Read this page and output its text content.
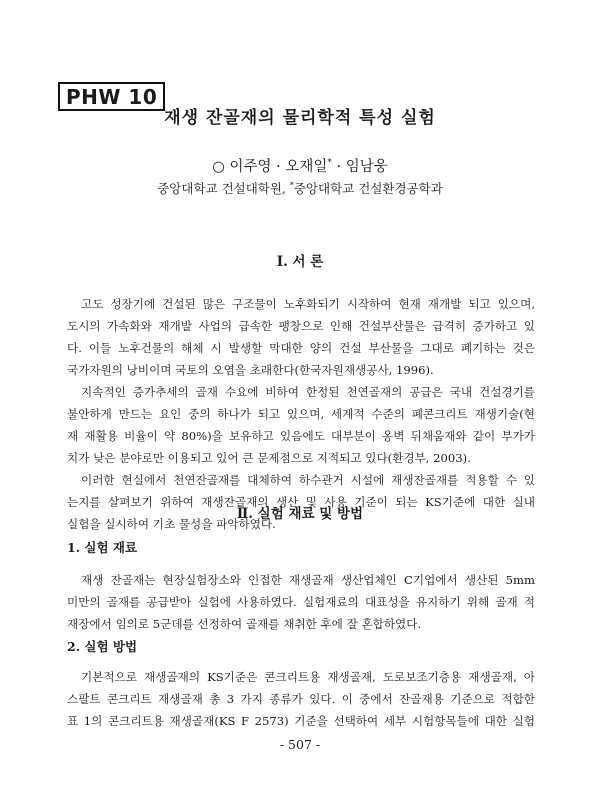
PHW 10
재생 잔골재의 물리학적 특성 실험
○ 이주영 · 오재일* · 임남웅
중앙대학교 건설대학원, *중앙대학교 건설환경공학과
Ⅰ. 서 론
고도 성장기에 건설된 많은 구조물이 노후화되기 시작하여 현재 재개발 되고 있으며,
도시의 가속화와 재개발 사업의 급속한 팽창으로 인해 건설부산물은 급격히 증가하고 있
다. 이들 노후건물의 해체 시 발생할 막대한 양의 건설 부산물을 그대로 폐기하는 것은
국가자원의 낭비이며 국토의 오염을 초래한다(한국자원재생공사, 1996).
지속적인 증가추세의 골재 수요에 비하여 한정된 천연골재의 공급은 국내 건설경기를
불안하게 만드는 요인 중의 하나가 되고 있으며, 세계적 수준의 폐콘크리트 재생기술(현
재 재활용 비율이 약 80%)을 보유하고 있음에도 대부분이 옹벽 뒤채움재와 같이 부가가
치가 낮은 분야로만 이용되고 있어 큰 문제점으로 지적되고 있다(환경부, 2003).
이러한 현실에서 천연잔골재를 대체하여 하수관거 시설에 재생잔골재를 적용할 수 있
는지를 살펴보기 위하여 재생잔골재의 생산 및 사용 기준이 되는 KS기준에 대한 실내
실험을 실시하여 기초 물성을 파악하였다.
Ⅱ. 실험 재료 및 방법
1. 실험 재료
재생 잔골재는 현장실험장소와 인접한 재생골재 생산업체인 C기업에서 생산된 5mm
미만의 골재를 공급받아 실험에 사용하였다. 실험재료의 대표성을 유지하기 위해 골재 적
재장에서 임의로 5군데를 선정하여 골재를 채취한 후에 잘 혼합하였다.
2. 실험 방법
기본적으로 재생골재의 KS기준은 콘크리트용 재생골재, 도로보조기층용 재생골재, 아
스팔트 콘크리트 재생골재 총 3 가지 종류가 있다. 이 중에서 잔골재용 기준으로 적합한
표 1의 콘크리트용 재생골재(KS F 2573) 기준을 선택하여 세부 시험항목들에 대한 실험
- 507 -
